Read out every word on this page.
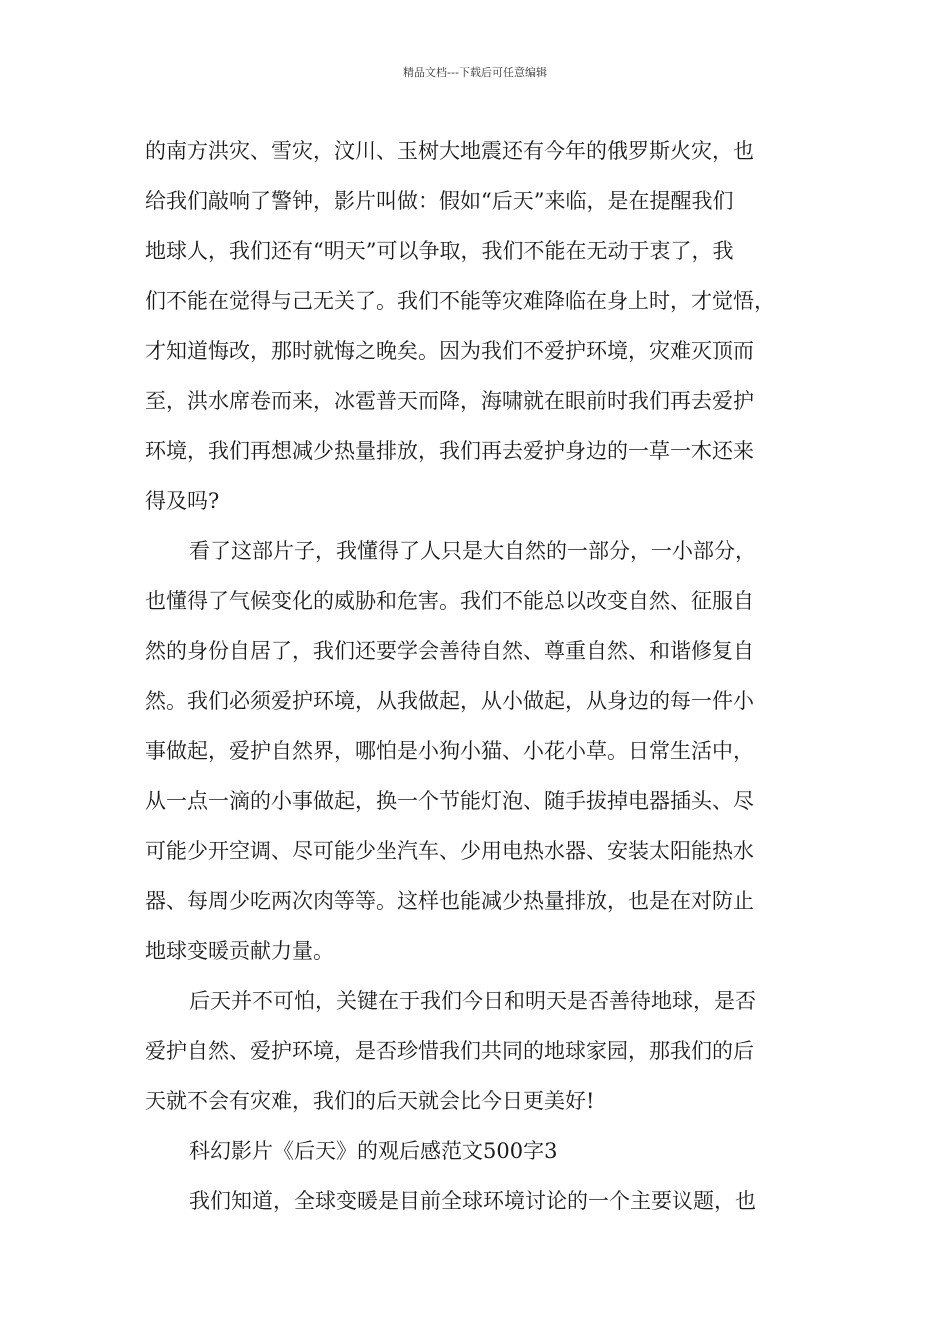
精品文档---下载后可任意编辑
的南方洪灾、雪灾，汶川、玉树大地震还有今年的俄罗斯火灾，也
给我们敲响了警钟，影片叫做：假如“后天”来临，是在提醒我们
地球人，我们还有“明天”可以争取，我们不能在无动于衷了，我
们不能在觉得与己无关了。我们不能等灾难降临在身上时，才觉悟，
才知道悔改，那时就悔之晚矣。因为我们不爱护环境，灾难灭顶而
至，洪水席卷而来，冰雹普天而降，海啸就在眼前时我们再去爱护
环境，我们再想减少热量排放，我们再去爱护身边的一草一木还来
得及吗?
看了这部片子，我懂得了人只是大自然的一部分，一小部分，
也懂得了气候变化的威胁和危害。我们不能总以改变自然、征服自
然的身份自居了，我们还要学会善待自然、尊重自然、和谐修复自
然。我们必须爱护环境，从我做起，从小做起，从身边的每一件小
事做起，爱护自然界，哪怕是小狗小猫、小花小草。日常生活中，
从一点一滴的小事做起，换一个节能灯泡、随手拔掉电器插头、尽
可能少开空调、尽可能少坐汽车、少用电热水器、安装太阳能热水
器、每周少吃两次肉等等。这样也能减少热量排放，也是在对防止
地球变暖贡献力量。
后天并不可怕，关键在于我们今日和明天是否善待地球，是否
爱护自然、爱护环境，是否珍惜我们共同的地球家园，那我们的后
天就不会有灾难，我们的后天就会比今日更美好!
科幻影片《后天》的观后感范文500字3
我们知道，全球变暖是目前全球环境讨论的一个主要议题，也
